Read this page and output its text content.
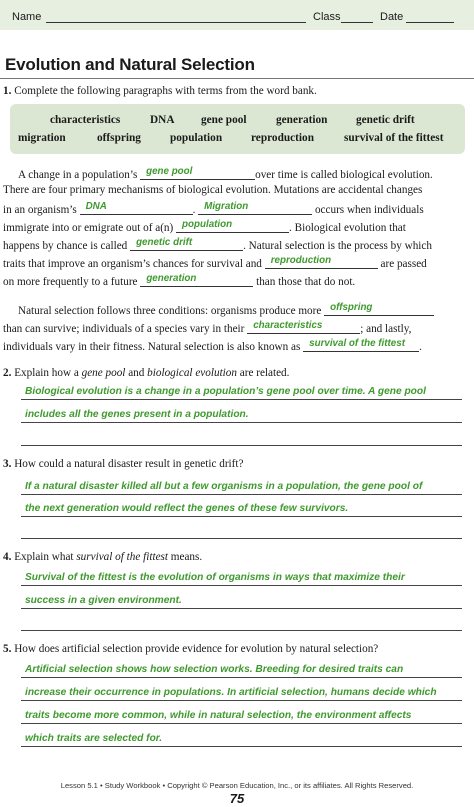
Name	Class	Date
Evolution and Natural Selection
1. Complete the following paragraphs with terms from the word bank.
characteristics	DNA gene pool	generation	genetic drift
migration	offspring	population	reproduction	survival of the fittest
A change in a population’s gene pool	over time is called biological evolution.
There are four primary mechanisms of biological evolution. Mutations are accidental changes
in an organism’s DNA	. Migration	occurs when individuals
immigrate into or emigrate out of a(n) population	. Biological evolution that
happens by chance is called genetic drift	. Natural selection is the process by which
traits that improve an organism’s chances for survival and reproduction	are passed
on more frequently to a future generation	than those that do not.
Natural selection follows three conditions: organisms produce more offspring
than can survive; individuals of a species vary in their characteristics	; and lastly,
individuals vary in their fitness. Natural selection is also known as survival of the fittest .
2. Explain how a gene pool and biological evolution are related.
Biological evolution is a change in a population’s gene pool over time. A gene pool
includes all the genes present in a population.
3. How could a natural disaster result in genetic drift?
If a natural disaster killed all but a few organisms in a population, the gene pool of
the next generation would reflect the genes of these few survivors.
4. Explain what survival of the fittest means.
Survival of the fittest is the evolution of organisms in ways that maximize their
success in a given environment.
5. How does artificial selection provide evidence for evolution by natural selection?
Artificial selection shows how selection works. Breeding for desired traits can
increase their occurrence in populations. In artificial selection, humans decide which
traits become more common, while in natural selection, the environment affects
which traits are selected for.
Lesson 5.1 • Study Workbook • Copyright © Pearson Education, Inc., or its affiliates. All Rights Reserved.
75
